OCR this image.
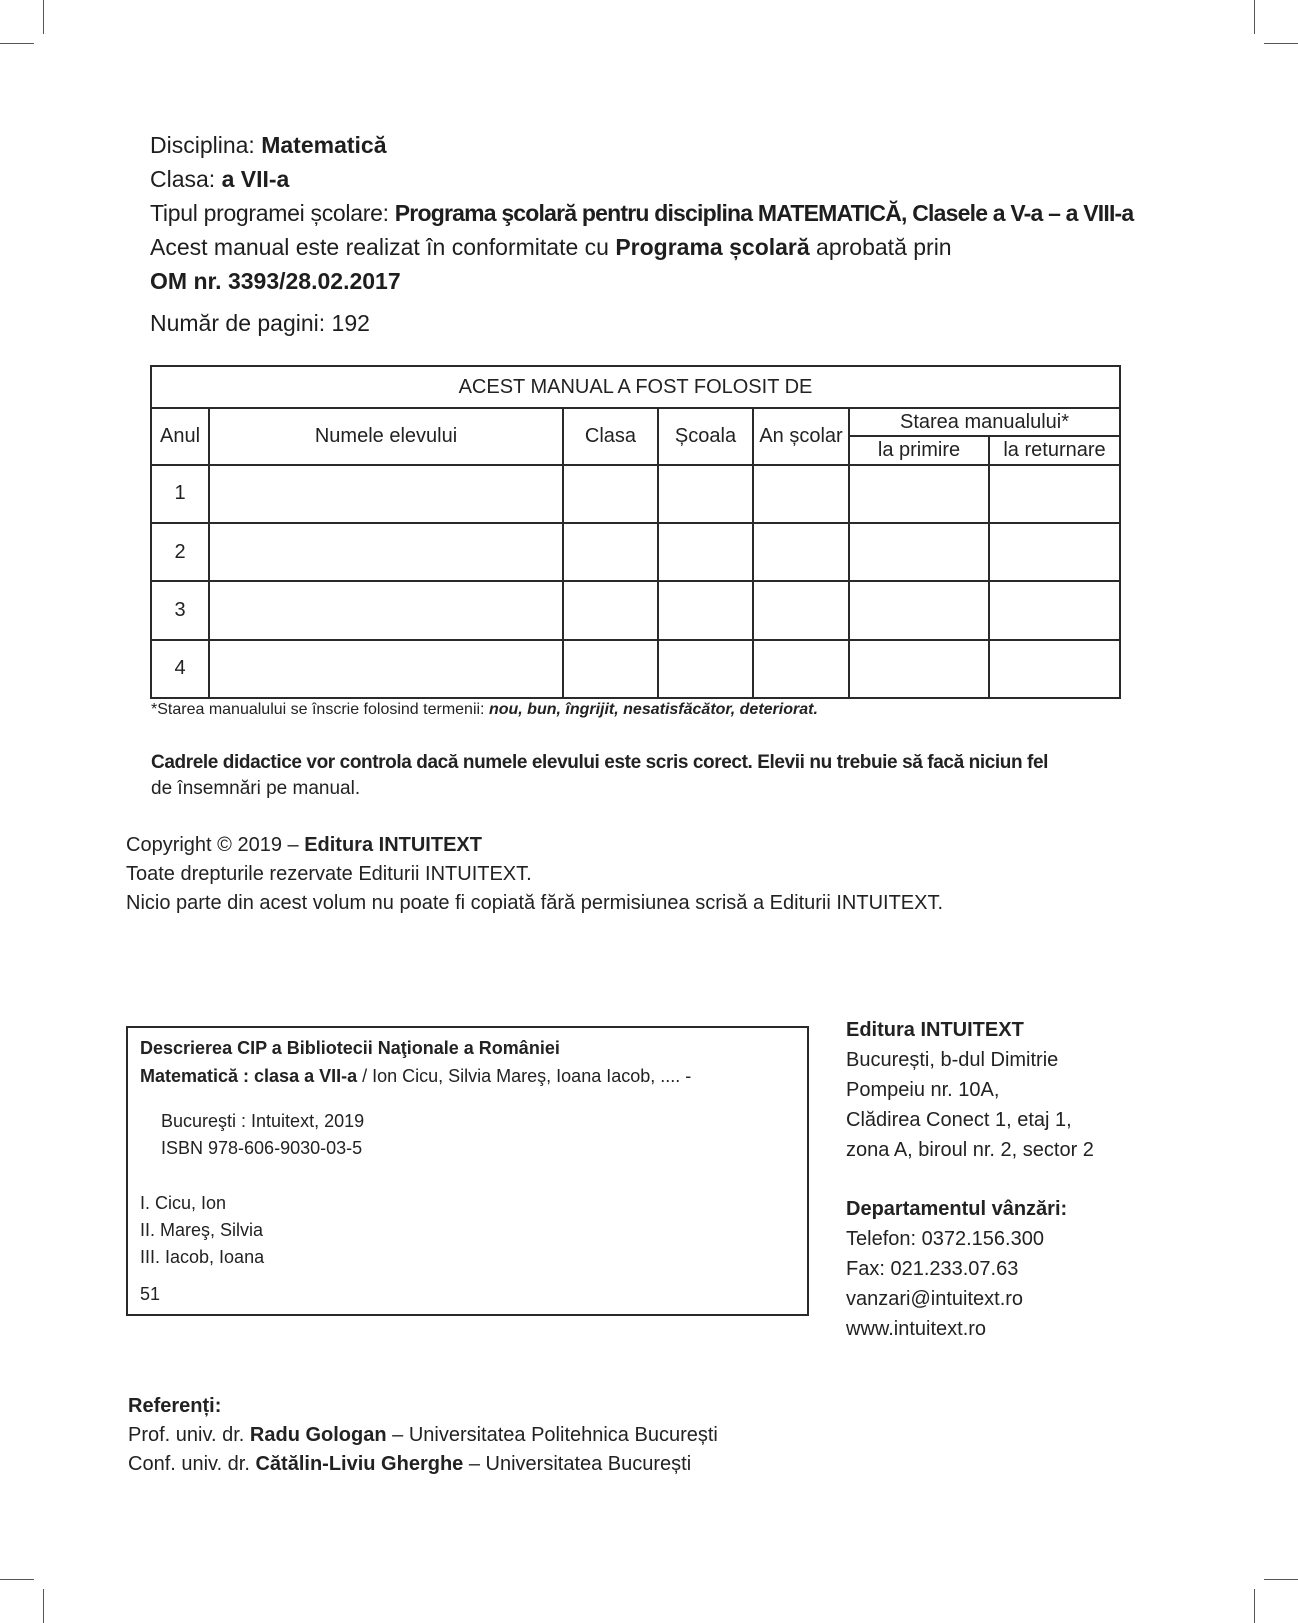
Disciplina: Matematică
Clasa: a VII-a
Tipul programei școlare: Programa şcolară pentru disciplina MATEMATICĂ, Clasele a V-a – a VIII-a
Acest manual este realizat în conformitate cu Programa școlară aprobată prin
OM nr. 3393/28.02.2017
Număr de pagini: 192
ACEST MANUAL A FOST FOLOSIT DE						
Anul	Numele elevului	Clasa	Școala	An școlar	Starea manualului*	
					la primire	la returnare
1						
2						
3						
4						
*Starea manualului se înscrie folosind termenii: nou, bun, îngrijit, nesatisfăcător, deteriorat.
Cadrele didactice vor controla dacă numele elevului este scris corect. Elevii nu trebuie să facă niciun fel
de însemnări pe manual.
Copyright © 2019 – Editura INTUITEXT
Toate drepturile rezervate Editurii INTUITEXT.
Nicio parte din acest volum nu poate fi copiată fără permisiunea scrisă a Editurii INTUITEXT.
Descrierea CIP a Bibliotecii Naţionale a României
Matematică : clasa a VII-a / Ion Cicu, Silvia Mareş, Ioana Iacob, .... -
Bucureşti : Intuitext, 2019
ISBN 978-606-9030-03-5
I. Cicu, Ion
II. Mareş, Silvia
III. Iacob, Ioana
51
Editura INTUITEXT
București, b-dul Dimitrie
Pompeiu nr. 10A,
Clădirea Conect 1, etaj 1,
zona A, biroul nr. 2, sector 2
Departamentul vânzări:
Telefon: 0372.156.300
Fax: 021.233.07.63
vanzari@intuitext.ro
www.intuitext.ro
Referenți:
Prof. univ. dr. Radu Gologan – Universitatea Politehnica București
Conf. univ. dr. Cătălin-Liviu Gherghe – Universitatea București
